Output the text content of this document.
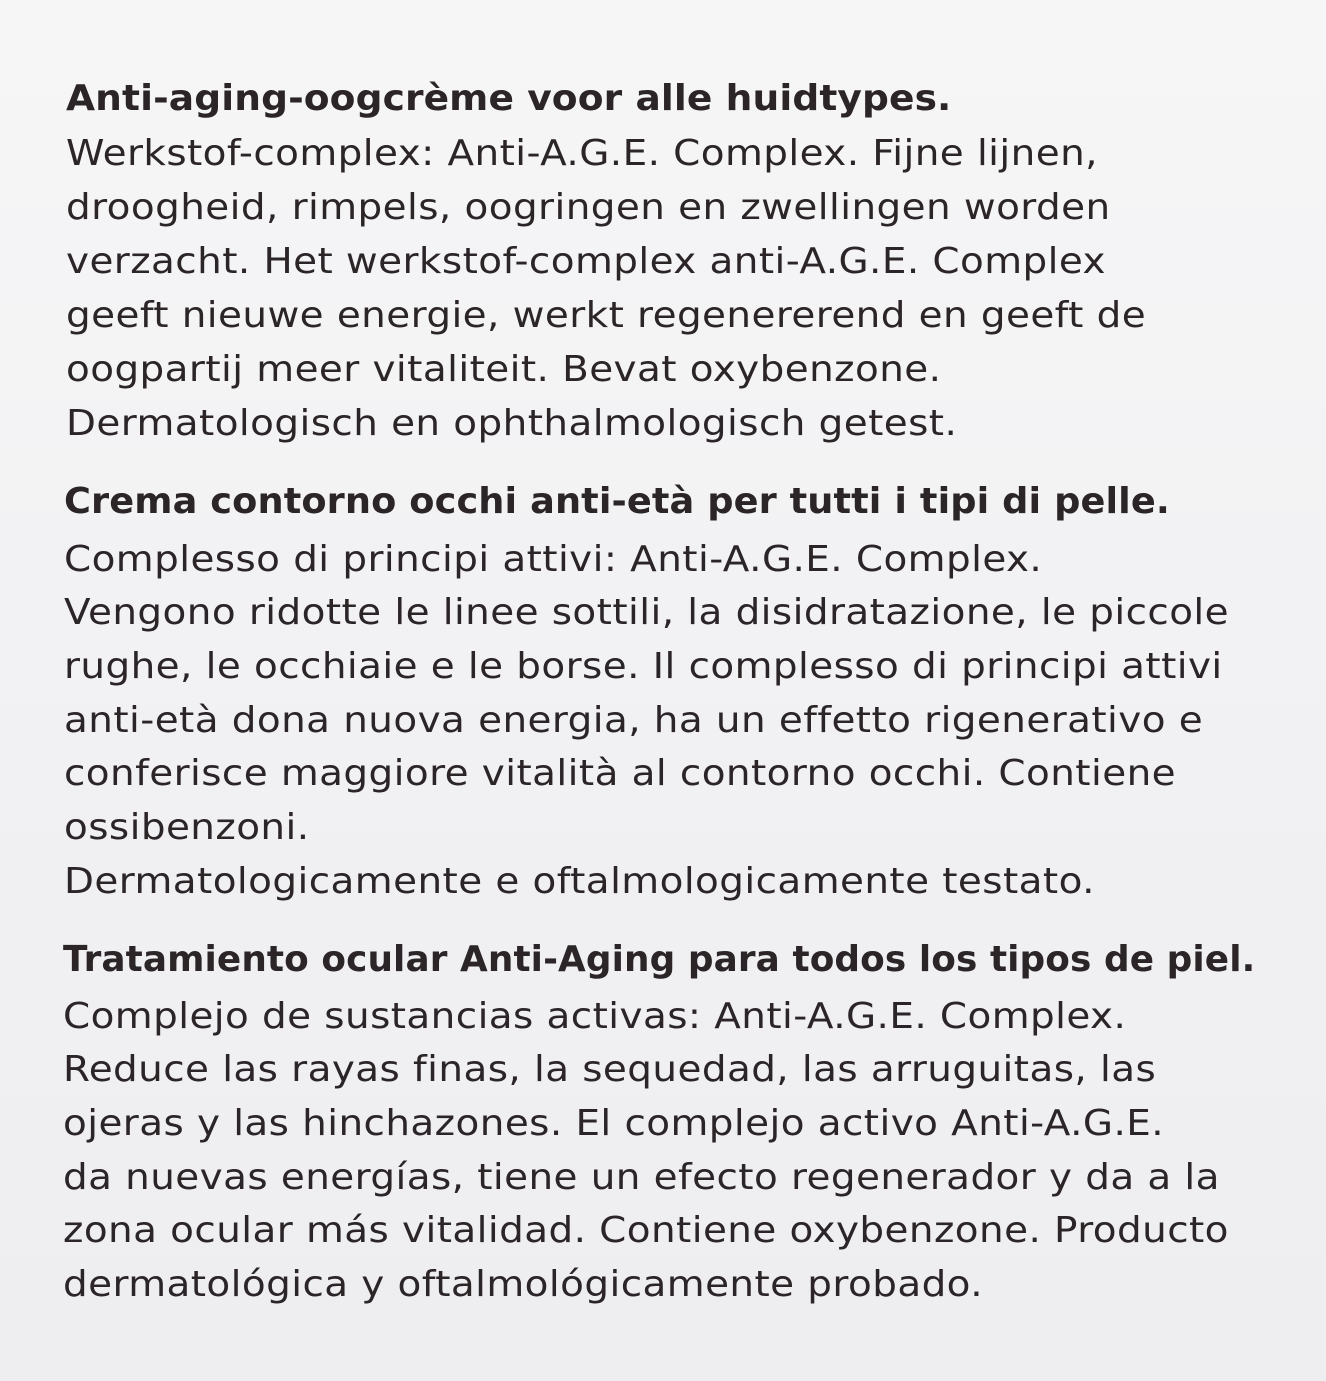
Anti-aging-oogcrème voor alle huidtypes.
Werkstof-complex: Anti-A.G.E. Complex. Fijne lijnen,
droogheid, rimpels, oogringen en zwellingen worden
verzacht. Het werkstof-complex anti-A.G.E. Complex
geeft nieuwe energie, werkt regenererend en geeft de
oogpartij meer vitaliteit. Bevat oxybenzone.
Dermatologisch en ophthalmologisch getest.
Crema contorno occhi anti-età per tutti i tipi di pelle.
Complesso di principi attivi: Anti-A.G.E. Complex.
Vengono ridotte le linee sottili, la disidratazione, le piccole
rughe, le occhiaie e le borse. Il complesso di principi attivi
anti-età dona nuova energia, ha un effetto rigenerativo e
conferisce maggiore vitalità al contorno occhi. Contiene
ossibenzoni.
Dermatologicamente e oftalmologicamente testato.
Tratamiento ocular Anti-Aging para todos los tipos de piel.
Complejo de sustancias activas: Anti-A.G.E. Complex.
Reduce las rayas finas, la sequedad, las arruguitas, las
ojeras y las hinchazones. El complejo activo Anti-A.G.E.
da nuevas energías, tiene un efecto regenerador y da a la
zona ocular más vitalidad. Contiene oxybenzone. Producto
dermatológica y oftalmológicamente probado.
